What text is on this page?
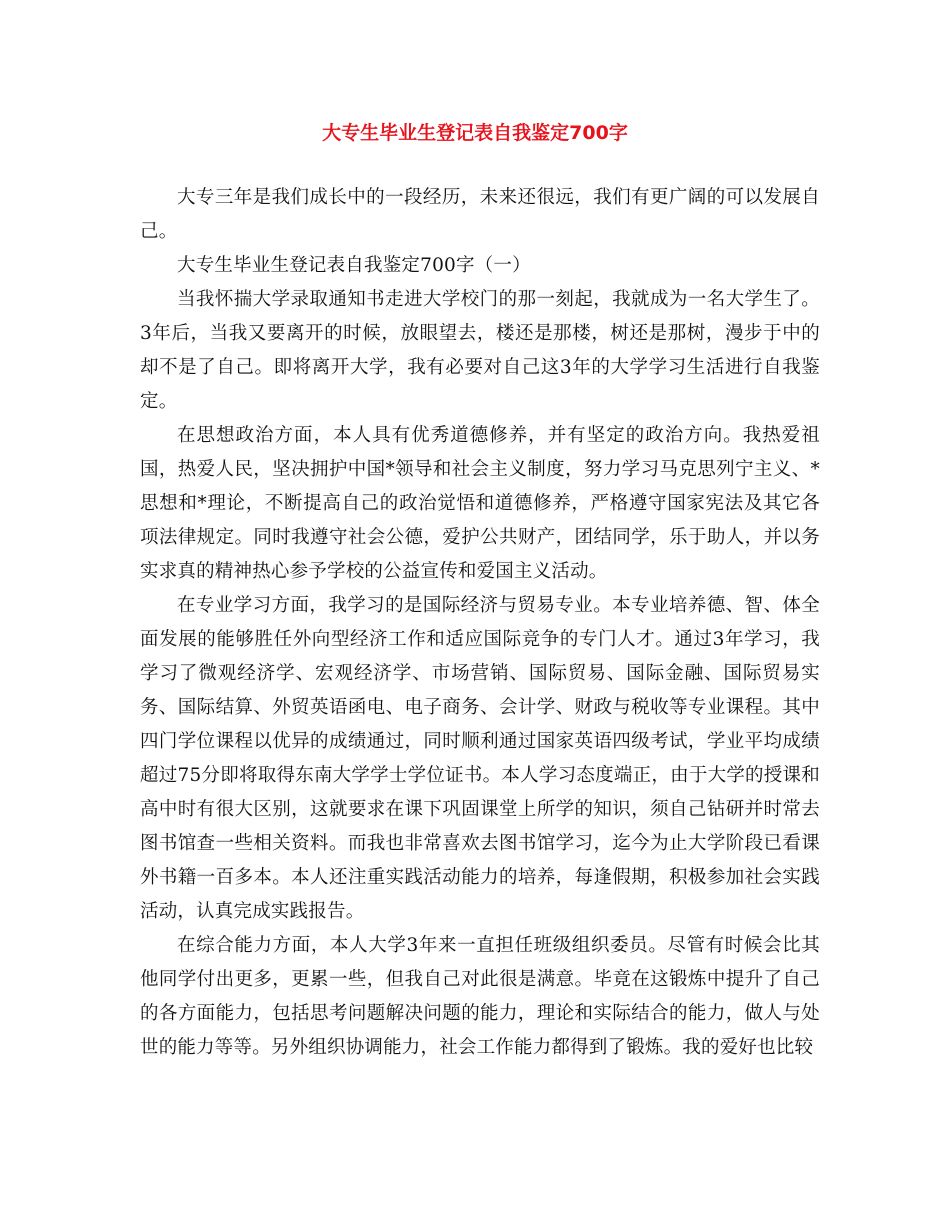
大专生毕业生登记表自我鉴定700字

大专三年是我们成长中的一段经历，未来还很远，我们有更广阔的可以发展自己。

大专生毕业生登记表自我鉴定700字（一）

当我怀揣大学录取通知书走进大学校门的那一刻起，我就成为一名大学生了。3年后，当我又要离开的时候，放眼望去，楼还是那楼，树还是那树，漫步于中的却不是了自己。即将离开大学，我有必要对自己这3年的大学学习生活进行自我鉴定。

在思想政治方面，本人具有优秀道德修养，并有坚定的政治方向。我热爱祖国，热爱人民，坚决拥护中国*领导和社会主义制度，努力学习马克思列宁主义、*思想和*理论，不断提高自己的政治觉悟和道德修养，严格遵守国家宪法及其它各项法律规定。同时我遵守社会公德，爱护公共财产，团结同学，乐于助人，并以务实求真的精神热心参予学校的公益宣传和爱国主义活动。

在专业学习方面，我学习的是国际经济与贸易专业。本专业培养德、智、体全面发展的能够胜任外向型经济工作和适应国际竞争的专门人才。通过3年学习，我学习了微观经济学、宏观经济学、市场营销、国际贸易、国际金融、国际贸易实务、国际结算、外贸英语函电、电子商务、会计学、财政与税收等专业课程。其中四门学位课程以优异的成绩通过，同时顺利通过国家英语四级考试，学业平均成绩超过75分即将取得东南大学学士学位证书。本人学习态度端正，由于大学的授课和高中时有很大区别，这就要求在课下巩固课堂上所学的知识，须自己钻研并时常去图书馆查一些相关资料。而我也非常喜欢去图书馆学习，迄今为止大学阶段已看课外书籍一百多本。本人还注重实践活动能力的培养，每逢假期，积极参加社会实践活动，认真完成实践报告。

在综合能力方面，本人大学3年来一直担任班级组织委员。尽管有时候会比其他同学付出更多，更累一些，但我自己对此很是满意。毕竟在这锻炼中提升了自己的各方面能力，包括思考问题解决问题的能力，理论和实际结合的能力，做人与处世的能力等等。另外组织协调能力，社会工作能力都得到了锻炼。我的爱好也比较
